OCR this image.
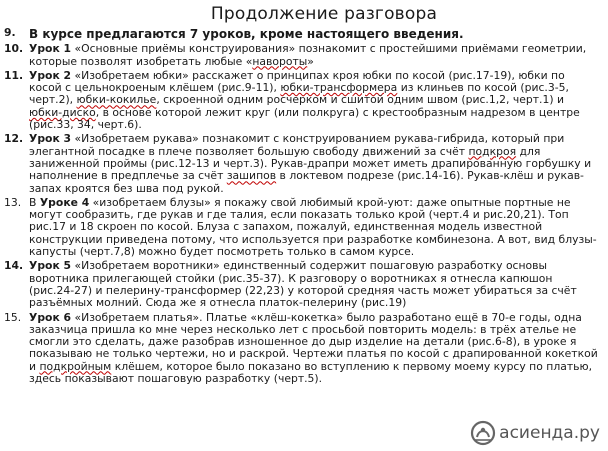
Продолжение разговора
9.	В курсе предлагаются 7 уроков, кроме настоящего введения.
10. Урок 1 «Основные приёмы конструирования» познакомит с простейшими приёмами геометрии, которые позволят изобретать любые «навороты»
11. Урок 2 «Изобретаем юбки» расскажет о принципах кроя юбки по косой (рис.17-19), юбки по косой с цельнокроеным клёшем (рис.9-11), юбки-трансформера из клиньев по косой (рис.3-5, черт.2), юбки-кокилье, скроенной одним росчерком и сшитой одним швом (рис.1,2, черт.1) и юбки-диско, в основе которой лежит круг (или полкруга) с крестообразным надрезом в центре (рис.33, 34, черт.6).
12. Урок 3 «Изобретаем рукава» познакомит с конструированием рукава-гибрида, который при элегантной посадке в плече позволяет большую свободу движений за счёт подкроя для заниженной проймы (рис.12-13 и черт.3). Рукав-драпри может иметь драпированную горбушку и наполнение в предплечье за счёт зашипов в локтевом подрезе (рис.14-16). Рукав-клёш и рукав-запах кроятся без шва под рукой.
13. В Уроке 4 «изобретаем блузы» я покажу свой любимый крой-уют: даже опытные портные не могут сообразить, где рукав и где талия, если показать только крой (черт.4 и рис.20,21). Топ рис.17 и 18 скроен по косой. Блуза с запахом, пожалуй, единственная модель известной конструкции приведена потому, что используется при разработке комбинезона. А вот, вид блузы-капусты (черт.7,8) можно будет посмотреть только в самом курсе.
14. Урок 5 «Изобретаем воротники» единственный содержит пошаговую разработку основы воротника прилегающей стойки (рис.35-37). К разговору о воротниках я отнесла капюшон (рис.24-27) и пелерину-трансформер (22,23) у которой средняя часть может убираться за счёт разъёмных молний. Сюда же я отнесла платок-пелерину (рис.19)
15. Урок 6 «Изобретаем платья». Платье «клёш-кокетка» было разработано ещё в 70-е годы, одна заказчица пришла ко мне через несколько лет с просьбой повторить модель: в трёх ателье не смогли это сделать, даже разобрав изношенное до дыр изделие на детали (рис.6-8), в уроке я показываю не только чертежи, но и раскрой. Чертежи платья по косой с драпированной кокеткой и подкройным клёшем, которое было показано во вступлению к первому моему курсу по платью, здесь показывают пошаговую разработку (черт.5).
асиенда.ру
